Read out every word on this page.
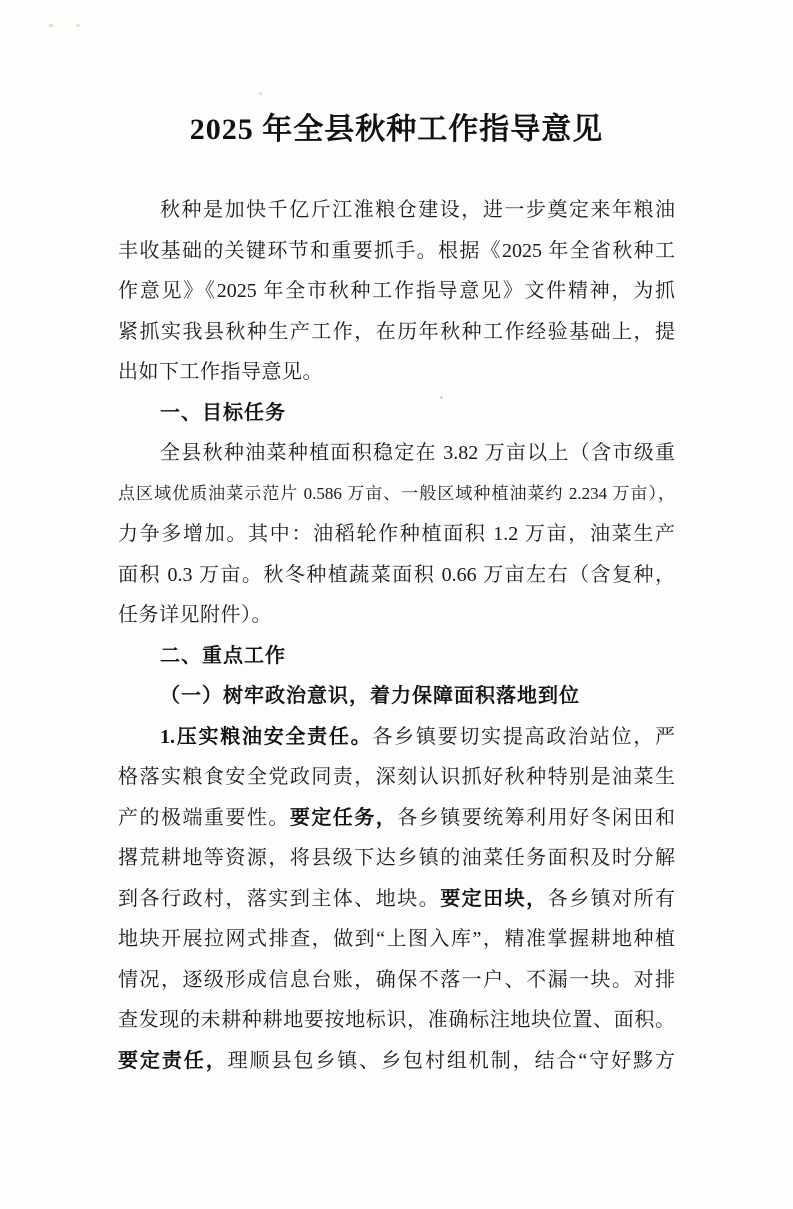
2025 年全县秋种工作指导意见
秋种是加快千亿斤江淮粮仓建设，进一步奠定来年粮油
丰收基础的关键环节和重要抓手。根据《2025 年全省秋种工
作意见》《2025 年全市秋种工作指导意见》文件精神，为抓
紧抓实我县秋种生产工作，在历年秋种工作经验基础上，提
出如下工作指导意见。
一、目标任务
全县秋种油菜种植面积稳定在 3.82 万亩以上（含市级重
点区域优质油菜示范片 0.586 万亩、一般区域种植油菜约 2.234 万亩），
力争多增加。其中：油稻轮作种植面积 1.2 万亩，油菜生产
面积 0.3 万亩。秋冬种植蔬菜面积 0.66 万亩左右（含复种，
任务详见附件）。
二、重点工作
（一）树牢政治意识，着力保障面积落地到位
1.压实粮油安全责任。各乡镇要切实提高政治站位，严
格落实粮食安全党政同责，深刻认识抓好秋种特别是油菜生
产的极端重要性。要定任务，各乡镇要统筹利用好冬闲田和
撂荒耕地等资源，将县级下达乡镇的油菜任务面积及时分解
到各行政村，落实到主体、地块。要定田块，各乡镇对所有
地块开展拉网式排查，做到“上图入库”，精准掌握耕地种植
情况，逐级形成信息台账，确保不落一户、不漏一块。对排
查发现的未耕种耕地要按地标识，准确标注地块位置、面积。
要定责任，理顺县包乡镇、乡包村组机制，结合“守好黟方
